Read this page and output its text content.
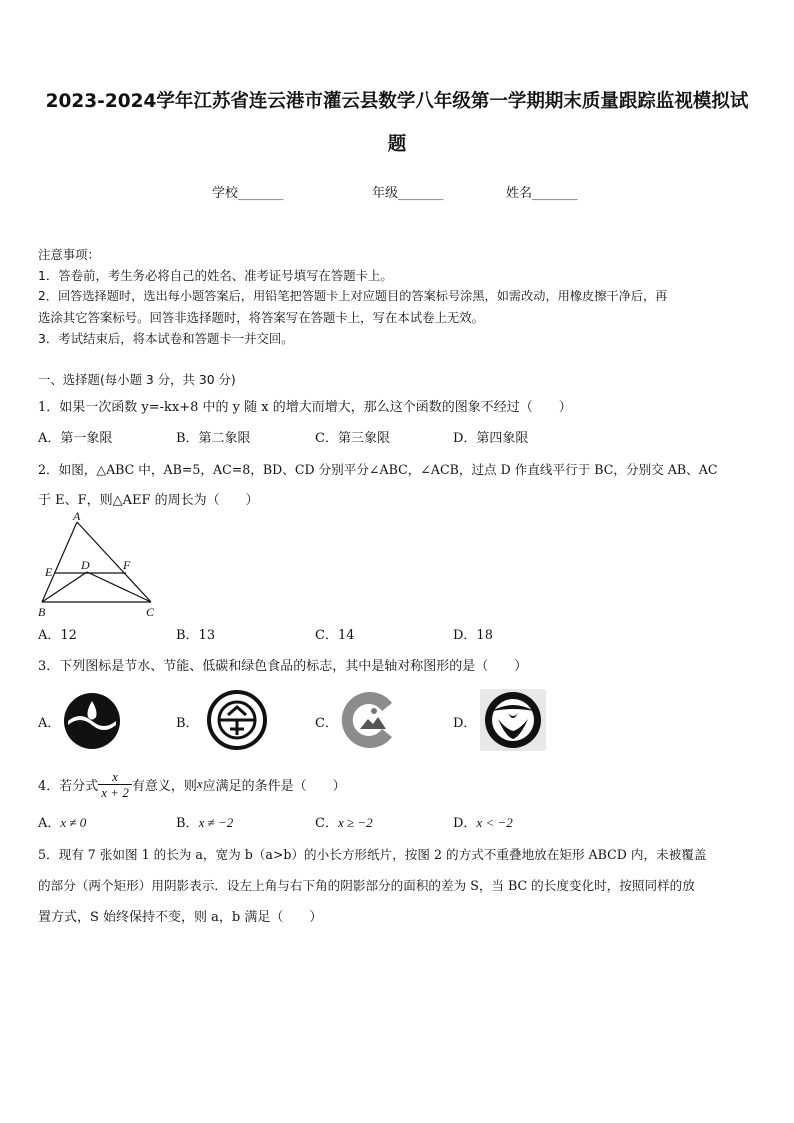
2023-2024学年江苏省连云港市灌云县数学八年级第一学期期末质量跟踪监视模拟试
题
学校_______	年级_______	姓名_______
注意事项：
1．答卷前，考生务必将自己的姓名、准考证号填写在答题卡上。
2．回答选择题时，选出每小题答案后，用铅笔把答题卡上对应题目的答案标号涂黑，如需改动，用橡皮擦干净后，再
选涂其它答案标号。回答非选择题时，将答案写在答题卡上，写在本试卷上无效。
3．考试结束后，将本试卷和答题卡一并交回。
一、选择题(每小题 3 分，共 30 分)
1．如果一次函数 y=-kx+8 中的 y 随 x 的增大而增大，那么这个函数的图象不经过（　　）
A．第一象限	B．第二象限	C．第三象限	D．第四象限
2．如图，△ABC 中，AB=5，AC=8，BD、CD 分别平分∠ABC，∠ACB，过点 D 作直线平行于 BC，分别交 AB、AC
于 E、F，则△AEF 的周长为（　　）
A
B	C
D
E	F
A．12	B．13	C．14	D．18
3．下列图标是节水、节能、低碳和绿色食品的标志，其中是轴对称图形的是（　　）
A．	B．	C．	D．
4．若分式 $\frac{x}{x + 2}$ 有意义，则 x 应满足的条件是（　　）
A．x ≠ 0	B．x ≠ −2	C．x ≥ −2	D．x < −2
5．现有 7 张如图 1 的长为 a，宽为 b（a>b）的小长方形纸片，按图 2 的方式不重叠地放在矩形 ABCD 内，未被覆盖
的部分（两个矩形）用阴影表示．设左上角与右下角的阴影部分的面积的差为 S，当 BC 的长度变化时，按照同样的放
置方式，S 始终保持不变，则 a，b 满足（　　）
